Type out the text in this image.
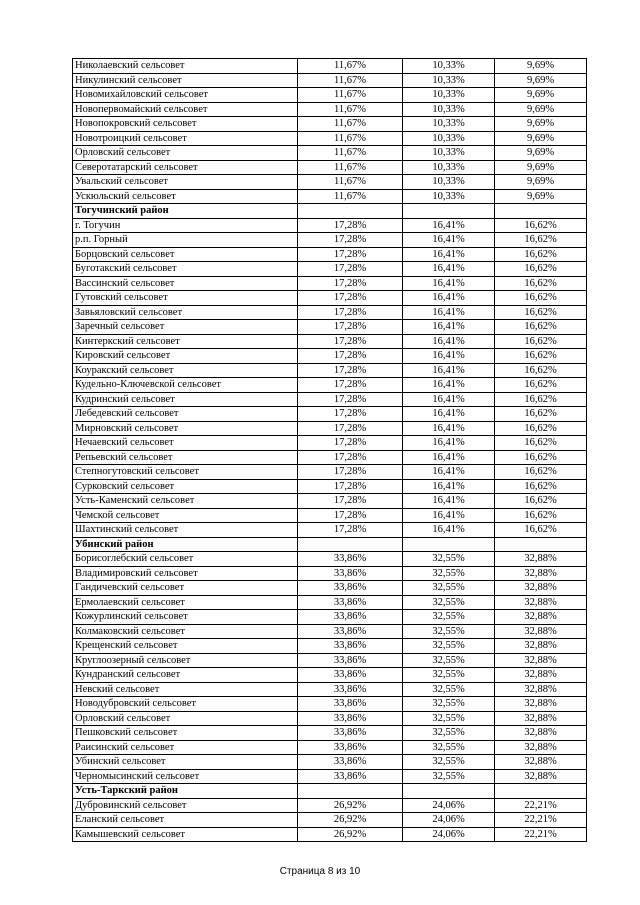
Николаевский сельсовет	11,67%	10,33%	9,69%
Никулинский сельсовет	11,67%	10,33%	9,69%
Новомихайловский сельсовет	11,67%	10,33%	9,69%
Новопервомайский сельсовет	11,67%	10,33%	9,69%
Новопокровский сельсовет	11,67%	10,33%	9,69%
Новотроицкий сельсовет	11,67%	10,33%	9,69%
Орловский сельсовет	11,67%	10,33%	9,69%
Северотатарский сельсовет	11,67%	10,33%	9,69%
Увальский сельсовет	11,67%	10,33%	9,69%
Ускюльский сельсовет	11,67%	10,33%	9,69%
Тогучинский район			
г. Тогучин	17,28%	16,41%	16,62%
р.п. Горный	17,28%	16,41%	16,62%
Борцовский сельсовет	17,28%	16,41%	16,62%
Буготакский сельсовет	17,28%	16,41%	16,62%
Вассинский сельсовет	17,28%	16,41%	16,62%
Гутовский сельсовет	17,28%	16,41%	16,62%
Завьяловский сельсовет	17,28%	16,41%	16,62%
Заречный сельсовет	17,28%	16,41%	16,62%
Кинтеркский сельсовет	17,28%	16,41%	16,62%
Кировский сельсовет	17,28%	16,41%	16,62%
Коуракский сельсовет	17,28%	16,41%	16,62%
Кудельно-Ключевской сельсовет	17,28%	16,41%	16,62%
Кудринский сельсовет	17,28%	16,41%	16,62%
Лебедевский сельсовет	17,28%	16,41%	16,62%
Мирновский сельсовет	17,28%	16,41%	16,62%
Нечаевский сельсовет	17,28%	16,41%	16,62%
Репьевский сельсовет	17,28%	16,41%	16,62%
Степногутовский сельсовет	17,28%	16,41%	16,62%
Сурковский сельсовет	17,28%	16,41%	16,62%
Усть-Каменский сельсовет	17,28%	16,41%	16,62%
Чемской сельсовет	17,28%	16,41%	16,62%
Шахтинский сельсовет	17,28%	16,41%	16,62%
Убинский район			
Борисоглебский сельсовет	33,86%	32,55%	32,88%
Владимировский сельсовет	33,86%	32,55%	32,88%
Гандичевский сельсовет	33,86%	32,55%	32,88%
Ермолаевский сельсовет	33,86%	32,55%	32,88%
Кожурлинский сельсовет	33,86%	32,55%	32,88%
Колмаковский сельсовет	33,86%	32,55%	32,88%
Крещенский сельсовет	33,86%	32,55%	32,88%
Круглоозерный сельсовет	33,86%	32,55%	32,88%
Кундранский сельсовет	33,86%	32,55%	32,88%
Невский сельсовет	33,86%	32,55%	32,88%
Новодубровский сельсовет	33,86%	32,55%	32,88%
Орловский сельсовет	33,86%	32,55%	32,88%
Пешковский сельсовет	33,86%	32,55%	32,88%
Раисинский сельсовет	33,86%	32,55%	32,88%
Убинский сельсовет	33,86%	32,55%	32,88%
Черномысинский сельсовет	33,86%	32,55%	32,88%
Усть-Таркский район			
Дубровинский сельсовет	26,92%	24,06%	22,21%
Еланский сельсовет	26,92%	24,06%	22,21%
Камышевский сельсовет	26,92%	24,06%	22,21%
Страница 8 из 10
